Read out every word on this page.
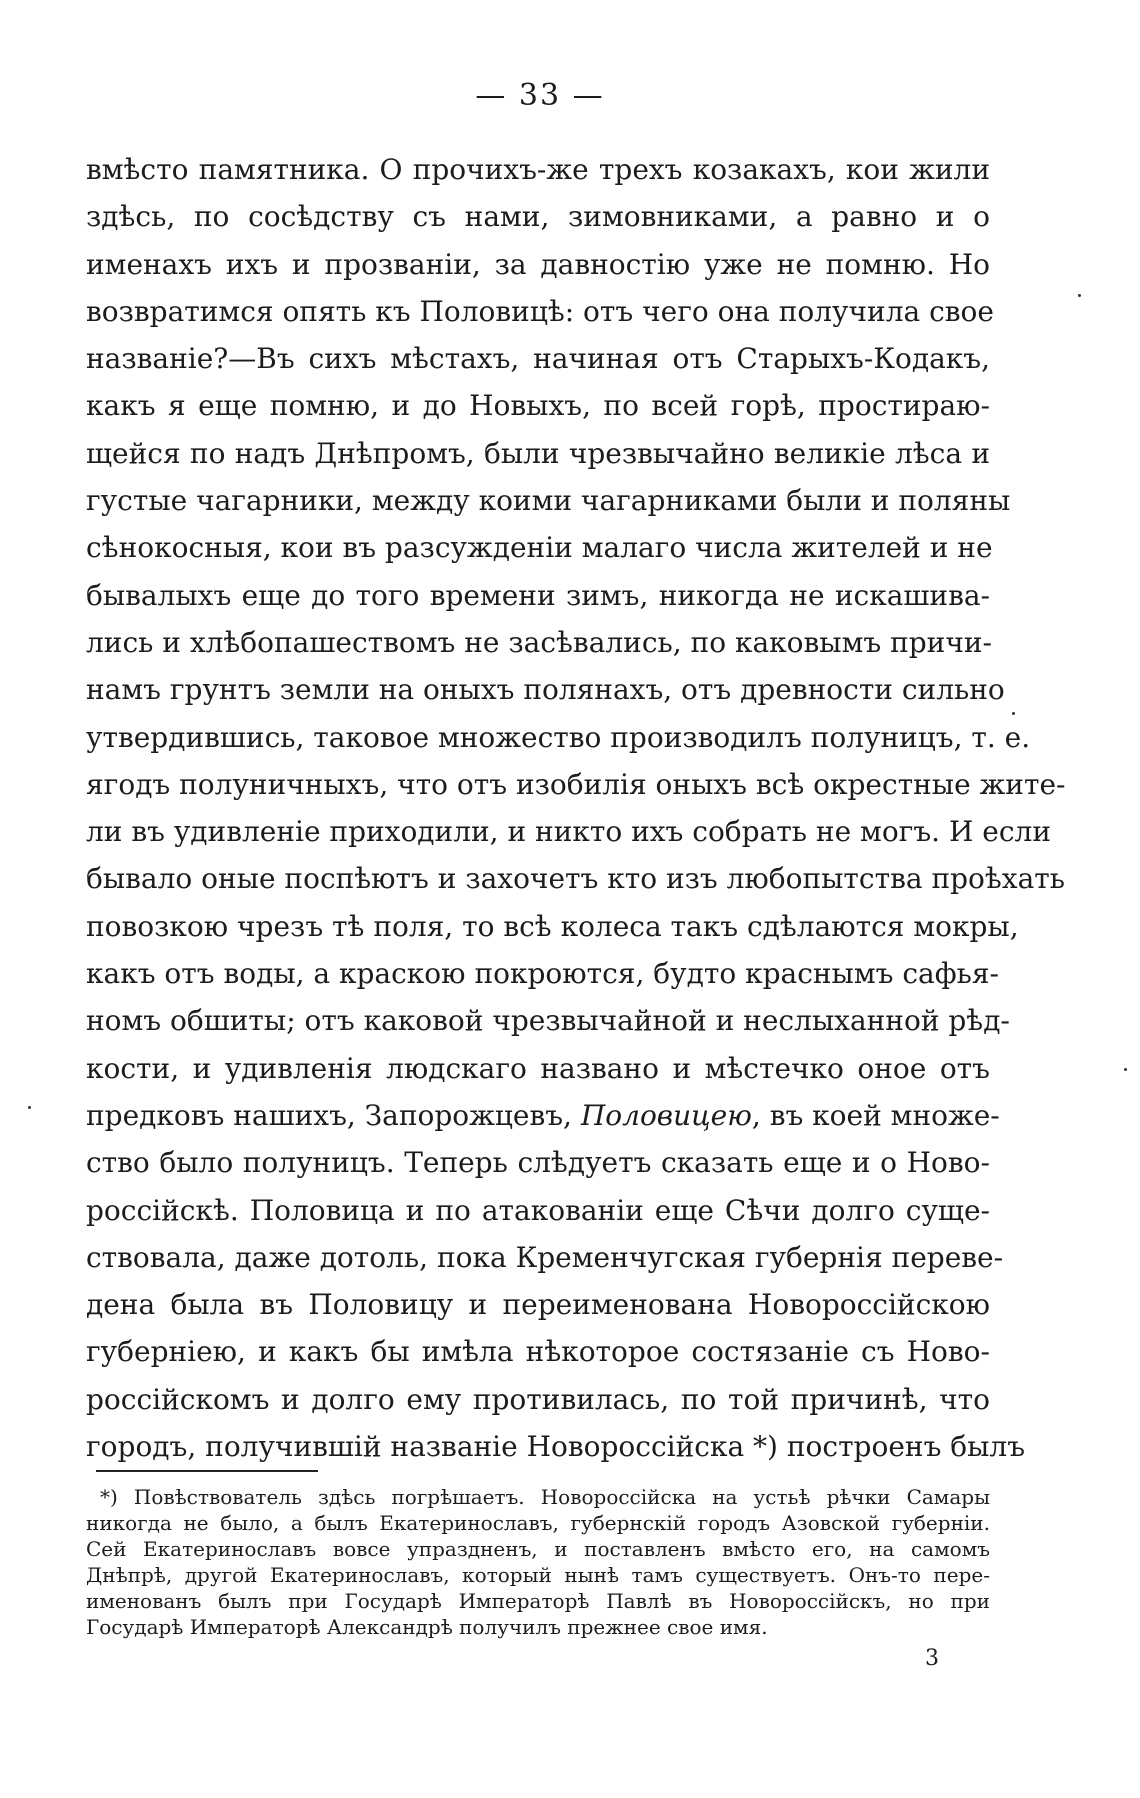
— 33 —
вмѣсто памятника. О прочихъ-же трехъ козакахъ, кои жили
здѣсь, по сосѣдству съ нами, зимовниками, а равно и о
именахъ ихъ и прозваніи, за давностію уже не помню. Но
возвратимся опять къ Половицѣ: отъ чего она получила свое
названіе?—Въ сихъ мѣстахъ, начиная отъ Старыхъ-Кодакъ,
какъ я еще помню, и до Новыхъ, по всей горѣ, простираю-
щейся по надъ Днѣпромъ, были чрезвычайно великіе лѣса и
густые чагарники, между коими чагарниками были и поляны
сѣнокосныя, кои въ разсужденіи малаго числа жителей и не
бывалыхъ еще до того времени зимъ, никогда не искашива-
лись и хлѣбопашествомъ не засѣвались, по каковымъ причи-
намъ грунтъ земли на оныхъ полянахъ, отъ древности сильно
утвердившись, таковое множество производилъ полуницъ, т. е.
ягодъ полуничныхъ, что отъ изобилія оныхъ всѣ окрестные жите-
ли въ удивленіе приходили, и никто ихъ собрать не могъ. И если
бывало оные поспѣютъ и захочетъ кто изъ любопытства проѣхать
повозкою чрезъ тѣ поля, то всѣ колеса такъ сдѣлаются мокры,
какъ отъ воды, а краскою покроются, будто краснымъ сафья-
номъ обшиты; отъ каковой чрезвычайной и неслыханной рѣд-
кости, и удивленія людскаго названо и мѣстечко оное отъ
предковъ нашихъ, Запорожцевъ, Половицею, въ коей множе-
ство было полуницъ. Теперь слѣдуетъ сказать еще и о Ново-
россійскѣ. Половица и по атакованіи еще Сѣчи долго суще-
ствовала, даже дотоль, пока Кременчугская губернія переве-
дена была въ Половицу и переименована Новороссійскою
губерніею, и какъ бы имѣла нѣкоторое состязаніе съ Ново-
россійскомъ и долго ему противилась, по той причинѣ, что
городъ, получившій названіе Новороссійска *) построенъ былъ
*) Повѣствователь здѣсь погрѣшаетъ. Новороссійска на устьѣ рѣчки Самары
никогда не было, а былъ Екатеринославъ, губернскій городъ Азовской губерніи.
Сей Екатеринославъ вовсе упраздненъ, и поставленъ вмѣсто его, на самомъ
Днѣпрѣ, другой Екатеринославъ, который нынѣ тамъ существуетъ. Онъ-то пере-
именованъ былъ при Государѣ Императорѣ Павлѣ въ Новороссійскъ, но при
Государѣ Императорѣ Александрѣ получилъ прежнее свое имя.
3
